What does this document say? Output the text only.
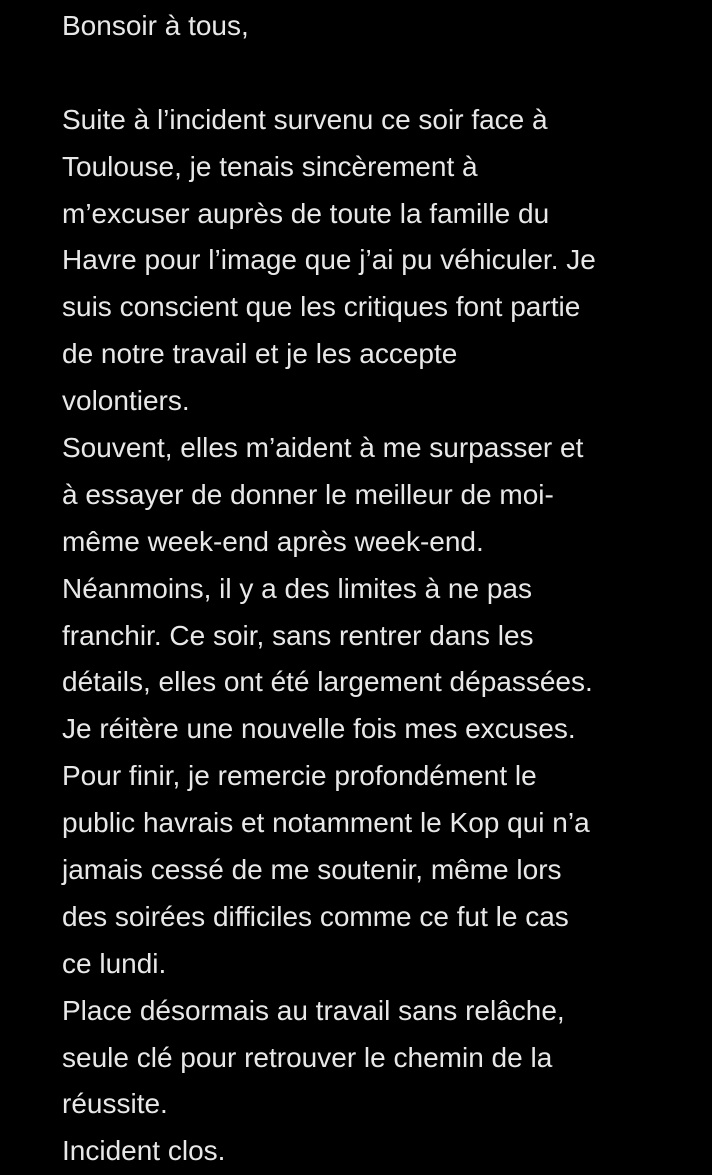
Bonsoir à tous,
Suite à l’incident survenu ce soir face à
Toulouse, je tenais sincèrement à
m’excuser auprès de toute la famille du
Havre pour l’image que j’ai pu véhiculer. Je
suis conscient que les critiques font partie
de notre travail et je les accepte
volontiers.
Souvent, elles m’aident à me surpasser et
à essayer de donner le meilleur de moi-
même week-end après week-end.
Néanmoins, il y a des limites à ne pas
franchir. Ce soir, sans rentrer dans les
détails, elles ont été largement dépassées.
Je réitère une nouvelle fois mes excuses.
Pour finir, je remercie profondément le
public havrais et notamment le Kop qui n’a
jamais cessé de me soutenir, même lors
des soirées difficiles comme ce fut le cas
ce lundi.
Place désormais au travail sans relâche,
seule clé pour retrouver le chemin de la
réussite.
Incident clos.
